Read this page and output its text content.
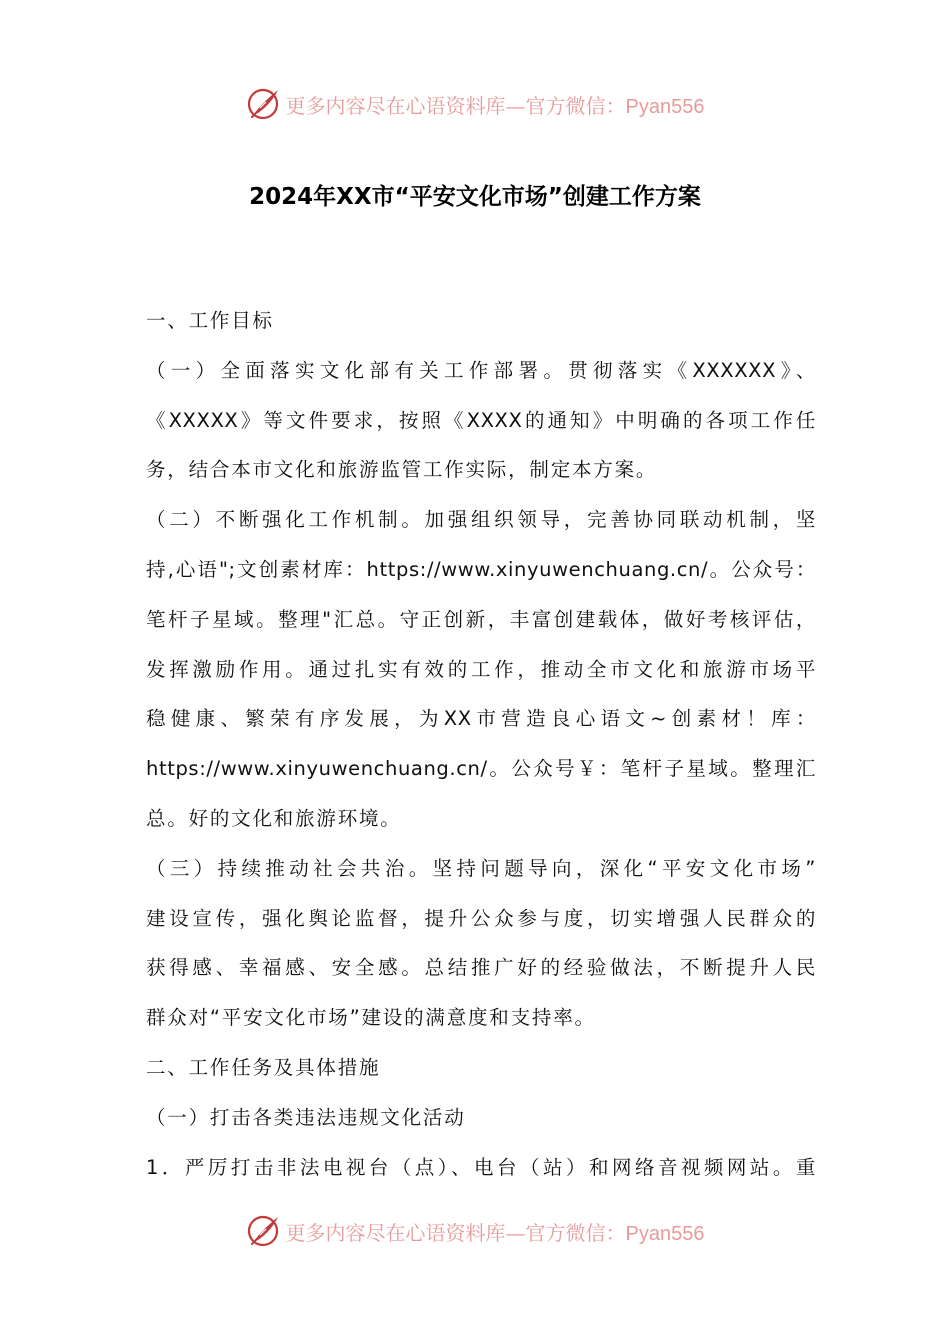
更多内容尽在心语资料库—官方微信：Pyan556
2024年XX市“平安文化市场”创建工作方案
一、工作目标
（一）全面落实文化部有关工作部署。贯彻落实《XXXXXX》、
《XXXXX》等文件要求，按照《XXXX的通知》中明确的各项工作任
务，结合本市文化和旅游监管工作实际，制定本方案。
（二）不断强化工作机制。加强组织领导，完善协同联动机制，坚
持,心语";文创素材库：https://www.xinyuwenchuang.cn/。公众号：
笔杆子星域。整理"汇总。守正创新，丰富创建载体，做好考核评估，
发挥激励作用。通过扎实有效的工作，推动全市文化和旅游市场平
稳健康、繁荣有序发展，为XX市营造良心语文~创素材！库：
https://www.xinyuwenchuang.cn/。公众号￥：笔杆子星域。整理汇
总。好的文化和旅游环境。
（三）持续推动社会共治。坚持问题导向，深化“平安文化市场”
建设宣传，强化舆论监督，提升公众参与度，切实增强人民群众的
获得感、幸福感、安全感。总结推广好的经验做法，不断提升人民
群众对“平安文化市场”建设的满意度和支持率。
二、工作任务及具体措施
（一）打击各类违法违规文化活动
1．严厉打击非法电视台（点）、电台（站）和网络音视频网站。重
更多内容尽在心语资料库—官方微信：Pyan556
